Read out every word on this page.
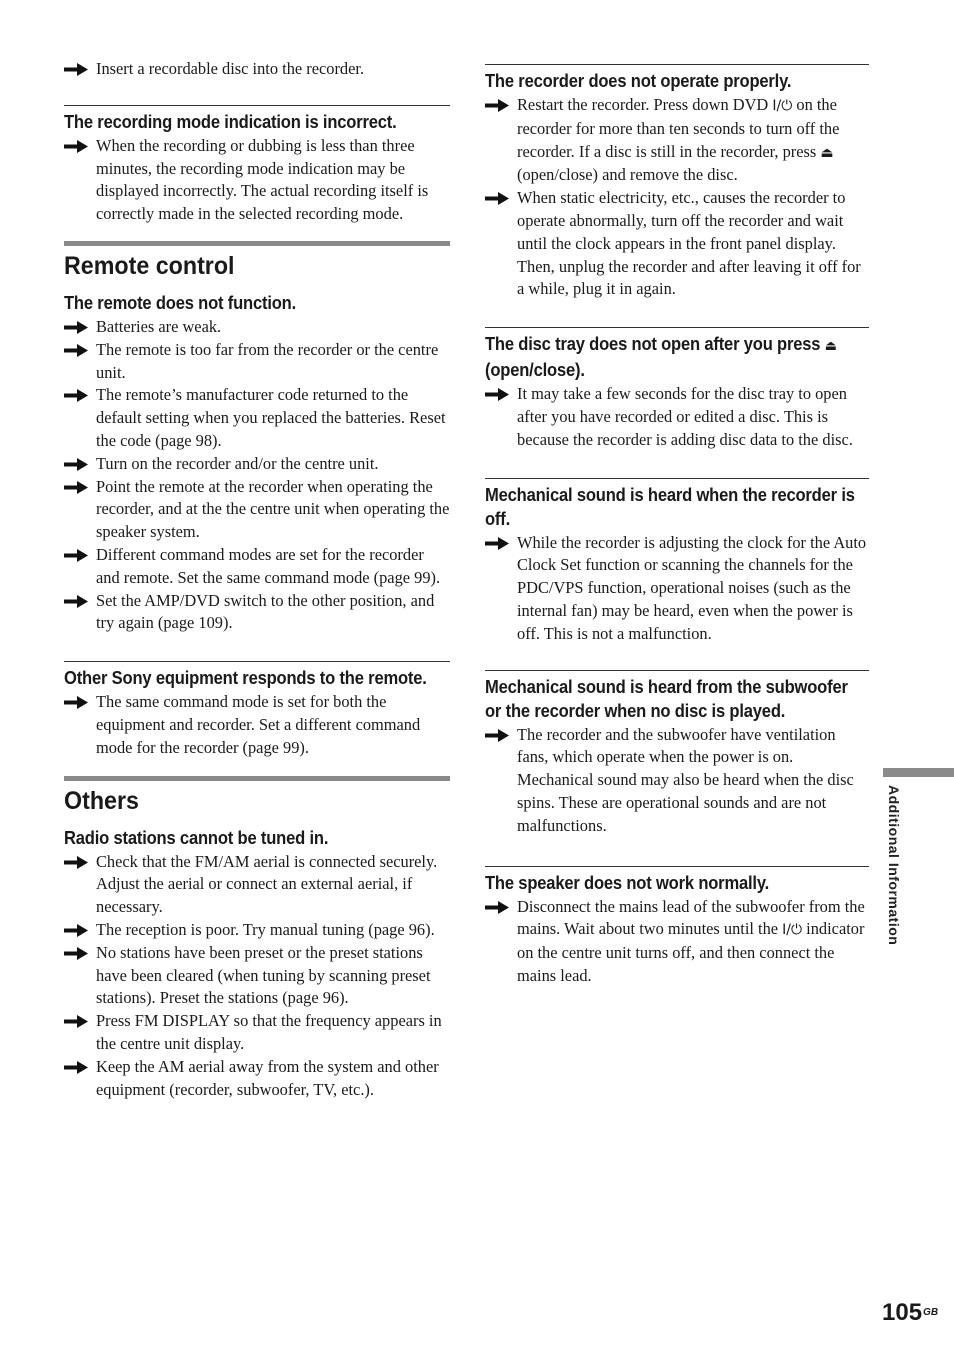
Insert a recordable disc into the recorder.
The recording mode indication is incorrect.
When the recording or dubbing is less than three minutes, the recording mode indication may be displayed incorrectly. The actual recording itself is correctly made in the selected recording mode.
Remote control
The remote does not function.
Batteries are weak.
The remote is too far from the recorder or the centre unit.
The remote’s manufacturer code returned to the default setting when you replaced the batteries. Reset the code (page 98).
Turn on the recorder and/or the centre unit.
Point the remote at the recorder when operating the recorder, and at the the centre unit when operating the speaker system.
Different command modes are set for the recorder and remote. Set the same command mode (page 99).
Set the AMP/DVD switch to the other position, and try again (page 109).
Other Sony equipment responds to the remote.
The same command mode is set for both the equipment and recorder. Set a different command mode for the recorder (page 99).
Others
Radio stations cannot be tuned in.
Check that the FM/AM aerial is connected securely. Adjust the aerial or connect an external aerial, if necessary.
The reception is poor. Try manual tuning (page 96).
No stations have been preset or the preset stations have been cleared (when tuning by scanning preset stations). Preset the stations (page 96).
Press FM DISPLAY so that the frequency appears in the centre unit display.
Keep the AM aerial away from the system and other equipment (recorder, subwoofer, TV, etc.).
The recorder does not operate properly.
Restart the recorder. Press down DVD I/⏻ on the recorder for more than ten seconds to turn off the recorder. If a disc is still in the recorder, press ⏏ (open/close) and remove the disc.
When static electricity, etc., causes the recorder to operate abnormally, turn off the recorder and wait until the clock appears in the front panel display. Then, unplug the recorder and after leaving it off for a while, plug it in again.
The disc tray does not open after you press ⏏ (open/close).
It may take a few seconds for the disc tray to open after you have recorded or edited a disc. This is because the recorder is adding disc data to the disc.
Mechanical sound is heard when the recorder is off.
While the recorder is adjusting the clock for the Auto Clock Set function or scanning the channels for the PDC/VPS function, operational noises (such as the internal fan) may be heard, even when the power is off. This is not a malfunction.
Mechanical sound is heard from the subwoofer or the recorder when no disc is played.
The recorder and the subwoofer have ventilation fans, which operate when the power is on. Mechanical sound may also be heard when the disc spins. These are operational sounds and are not malfunctions.
The speaker does not work normally.
Disconnect the mains lead of the subwoofer from the mains. Wait about two minutes until the I/⏻ indicator on the centre unit turns off, and then connect the mains lead.
Additional Information
$105^{GB}$
